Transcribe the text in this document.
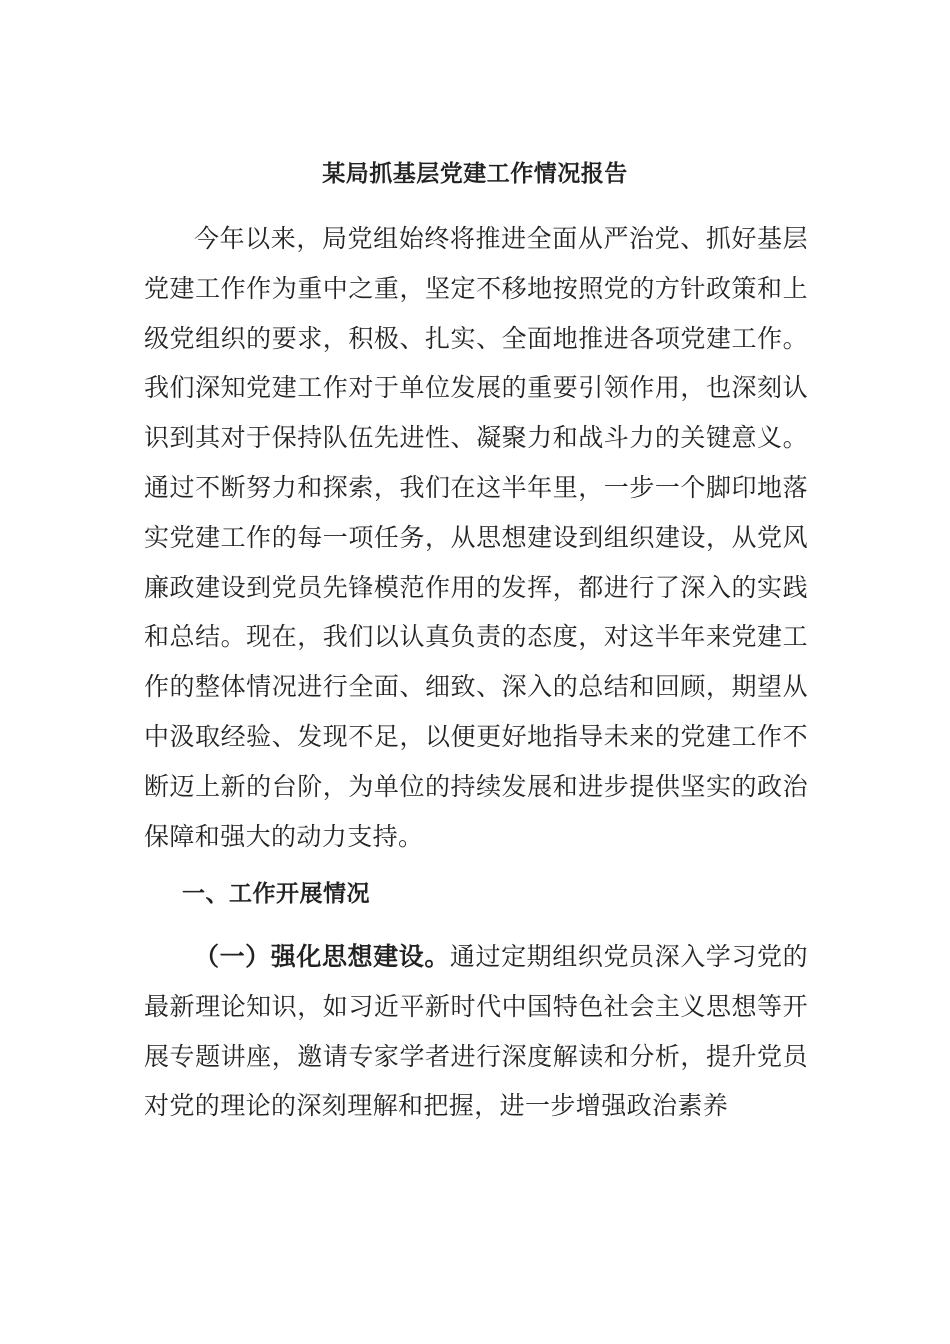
某局抓基层党建工作情况报告

今年以来，局党组始终将推进全面从严治党、抓好基层党建工作作为重中之重，坚定不移地按照党的方针政策和上级党组织的要求，积极、扎实、全面地推进各项党建工作。我们深知党建工作对于单位发展的重要引领作用，也深刻认识到其对于保持队伍先进性、凝聚力和战斗力的关键意义。通过不断努力和探索，我们在这半年里，一步一个脚印地落实党建工作的每一项任务，从思想建设到组织建设，从党风廉政建设到党员先锋模范作用的发挥，都进行了深入的实践和总结。现在，我们以认真负责的态度，对这半年来党建工作的整体情况进行全面、细致、深入的总结和回顾，期望从中汲取经验、发现不足，以便更好地指导未来的党建工作不断迈上新的台阶，为单位的持续发展和进步提供坚实的政治保障和强大的动力支持。

一、工作开展情况

（一）强化思想建设。通过定期组织党员深入学习党的最新理论知识，如习近平新时代中国特色社会主义思想等开展专题讲座，邀请专家学者进行深度解读和分析，提升党员对党的理论的深刻理解和把握，进一步增强政治素养
